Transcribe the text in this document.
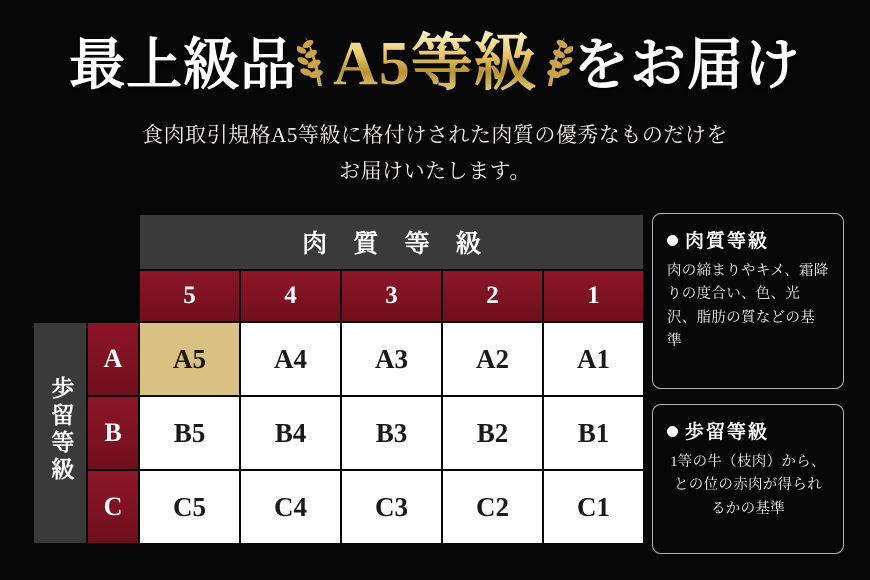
最上級品 A5等級 をお届け
食肉取引規格A5等級に格付けされた肉質の優秀なものだけを
お届けいたします。
		肉 質 等 級				
		5	4	3	2	1
歩留等級	A	A5	A4	A3	A2	A1
	B	B5	B4	B3	B2	B1
	C	C5	C4	C3	C2	C1
肉質等級
肉の締まりやキメ、霜降りの度合い、色、光沢、脂肪の質などの基準
歩留等級
1等の牛（枝肉）から、との位の赤肉が得られるかの基準
